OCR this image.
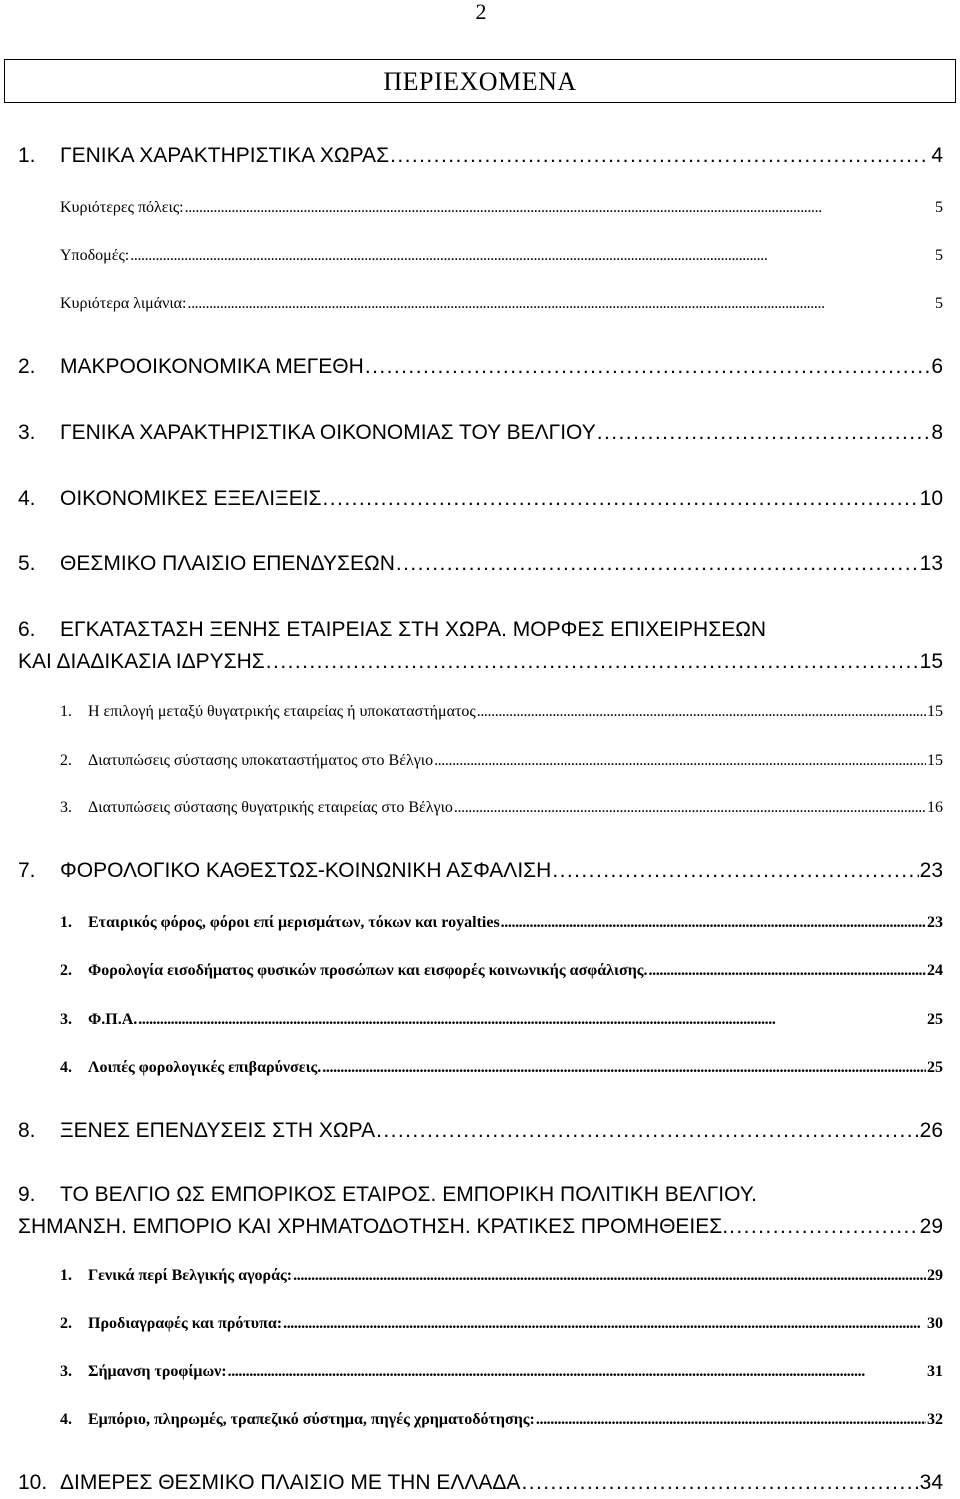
2
ΠΕΡΙΕΧΟΜΕΝΑ
1.	ΓΕΝΙΚΑ ΧΑΡΑΚΤΗΡΙΣΤΙΚΑ ΧΩΡΑΣ . . .	4
Κυριότερες πόλεις: . . .	5
Υποδομές: . . .	5
Κυριότερα λιμάνια: . . .	5
2.	ΜΑΚΡΟΟΙΚΟΝΟΜΙΚΑ ΜΕΓΕΘΗ . . .	6
3.	ΓΕΝΙΚΑ ΧΑΡΑΚΤΗΡΙΣΤΙΚΑ ΟΙΚΟΝΟΜΙΑΣ ΤΟΥ ΒΕΛΓΙΟΥ . . .	8
4.	ΟΙΚΟΝΟΜΙΚΕΣ ΕΞΕΛΙΞΕΙΣ . . .	10
5.	ΘΕΣΜΙΚΟ ΠΛΑΙΣΙΟ ΕΠΕΝΔΥΣΕΩΝ . . .	13
6.	ΕΓΚΑΤΑΣΤΑΣΗ ΞΕΝΗΣ ΕΤΑΙΡΕΙΑΣ ΣΤΗ ΧΩΡΑ. ΜΟΡΦΕΣ ΕΠΙΧΕΙΡΗΣΕΩΝ
ΚΑΙ ΔΙΑΔΙΚΑΣΙΑ ΙΔΡΥΣΗΣ . . .	15
1.	Η επιλογή μεταξύ θυγατρικής εταιρείας ή υποκαταστήματος . . .	15
2.	Διατυπώσεις σύστασης υποκαταστήματος στο Βέλγιο . . .	15
3.	Διατυπώσεις σύστασης θυγατρικής εταιρείας στο Βέλγιο . . .	16
7.	ΦΟΡΟΛΟΓΙΚΟ ΚΑΘΕΣΤΩΣ-ΚΟΙΝΩΝΙΚΗ ΑΣΦΑΛΙΣΗ . . .	23
1.	Εταιρικός φόρος, φόροι επί μερισμάτων, τόκων και royalties . . .	23
2.	Φορολογία εισοδήματος φυσικών προσώπων και εισφορές κοινωνικής ασφάλισης. . . .	24
3.	Φ.Π.Α. . . .	25
4.	Λοιπές φορολογικές επιβαρύνσεις. . . .	25
8.	ΞΕΝΕΣ ΕΠΕΝΔΥΣΕΙΣ ΣΤΗ ΧΩΡΑ . . .	26
9.	ΤΟ ΒΕΛΓΙΟ ΩΣ ΕΜΠΟΡΙΚΟΣ ΕΤΑΙΡΟΣ. ΕΜΠΟΡΙΚΗ ΠΟΛΙΤΙΚΗ ΒΕΛΓΙΟΥ.
ΣΗΜΑΝΣΗ. ΕΜΠΟΡΙΟ ΚΑΙ ΧΡΗΜΑΤΟΔΟΤΗΣΗ. ΚΡΑΤΙΚΕΣ ΠΡΟΜΗΘΕΙΕΣ. . . .	29
1.	Γενικά περί Βελγικής αγοράς: . . .	29
2.	Προδιαγραφές και πρότυπα: . . .	30
3.	Σήμανση τροφίμων: . . .	31
4.	Εμπόριο, πληρωμές, τραπεζικό σύστημα, πηγές χρηματοδότησης: . . .	32
10. ΔΙΜΕΡΕΣ ΘΕΣΜΙΚΟ ΠΛΑΙΣΙΟ ΜΕ ΤΗΝ ΕΛΛΑΔΑ . . .	34
